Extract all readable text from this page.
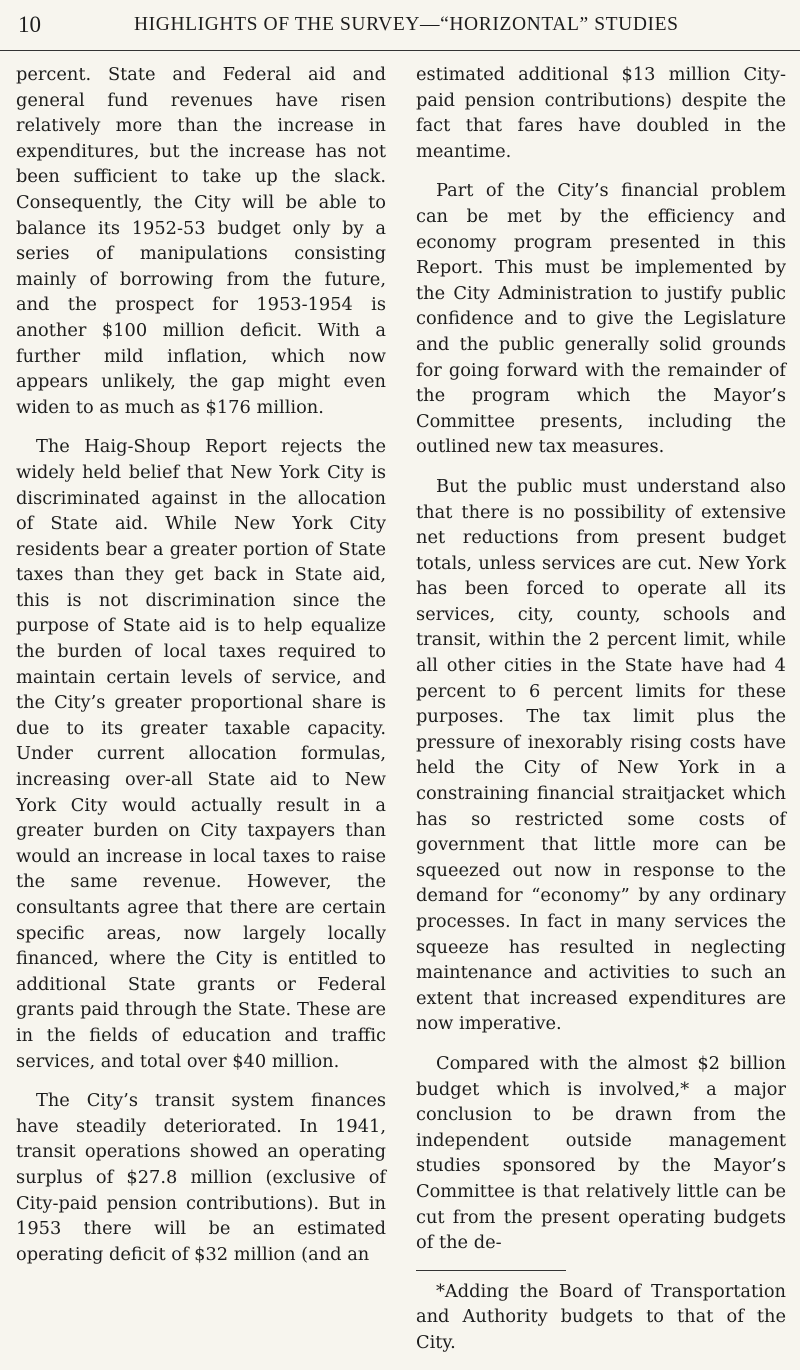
10	HIGHLIGHTS OF THE SURVEY—“HORIZONTAL” STUDIES

percent. State and Federal aid and general fund revenues have risen relatively more than the increase in expenditures, but the increase has not been sufficient to take up the slack. Consequently, the City will be able to balance its 1952-53 budget only by a series of manipulations consisting mainly of borrowing from the future, and the prospect for 1953-1954 is another $100 million deficit. With a further mild inflation, which now appears unlikely, the gap might even widen to as much as $176 million.

The Haig-Shoup Report rejects the widely held belief that New York City is discriminated against in the allocation of State aid. While New York City residents bear a greater portion of State taxes than they get back in State aid, this is not discrimination since the purpose of State aid is to help equalize the burden of local taxes required to maintain certain levels of service, and the City’s greater proportional share is due to its greater taxable capacity. Under current allocation formulas, increasing over-all State aid to New York City would actually result in a greater burden on City taxpayers than would an increase in local taxes to raise the same revenue. However, the consultants agree that there are certain specific areas, now largely locally financed, where the City is entitled to additional State grants or Federal grants paid through the State. These are in the fields of education and traffic services, and total over $40 million.

The City’s transit system finances have steadily deteriorated. In 1941, transit operations showed an operating surplus of $27.8 million (exclusive of City-paid pension contributions). But in 1953 there will be an estimated operating deficit of $32 million (and an

estimated additional $13 million City-paid pension contributions) despite the fact that fares have doubled in the meantime.

Part of the City’s financial problem can be met by the efficiency and economy program presented in this Report. This must be implemented by the City Administration to justify public confidence and to give the Legislature and the public generally solid grounds for going forward with the remainder of the program which the Mayor’s Committee presents, including the outlined new tax measures.

But the public must understand also that there is no possibility of extensive net reductions from present budget totals, unless services are cut. New York has been forced to operate all its services, city, county, schools and transit, within the 2 percent limit, while all other cities in the State have had 4 percent to 6 percent limits for these purposes. The tax limit plus the pressure of inexorably rising costs have held the City of New York in a constraining financial straitjacket which has so restricted some costs of government that little more can be squeezed out now in response to the demand for “economy” by any ordinary processes. In fact in many services the squeeze has resulted in neglecting maintenance and activities to such an extent that increased expenditures are now imperative.

Compared with the almost $2 billion budget which is involved,* a major conclusion to be drawn from the independent outside management studies sponsored by the Mayor’s Committee is that relatively little can be cut from the present operating budgets of the de-

*Adding the Board of Transportation and Authority budgets to that of the City.
